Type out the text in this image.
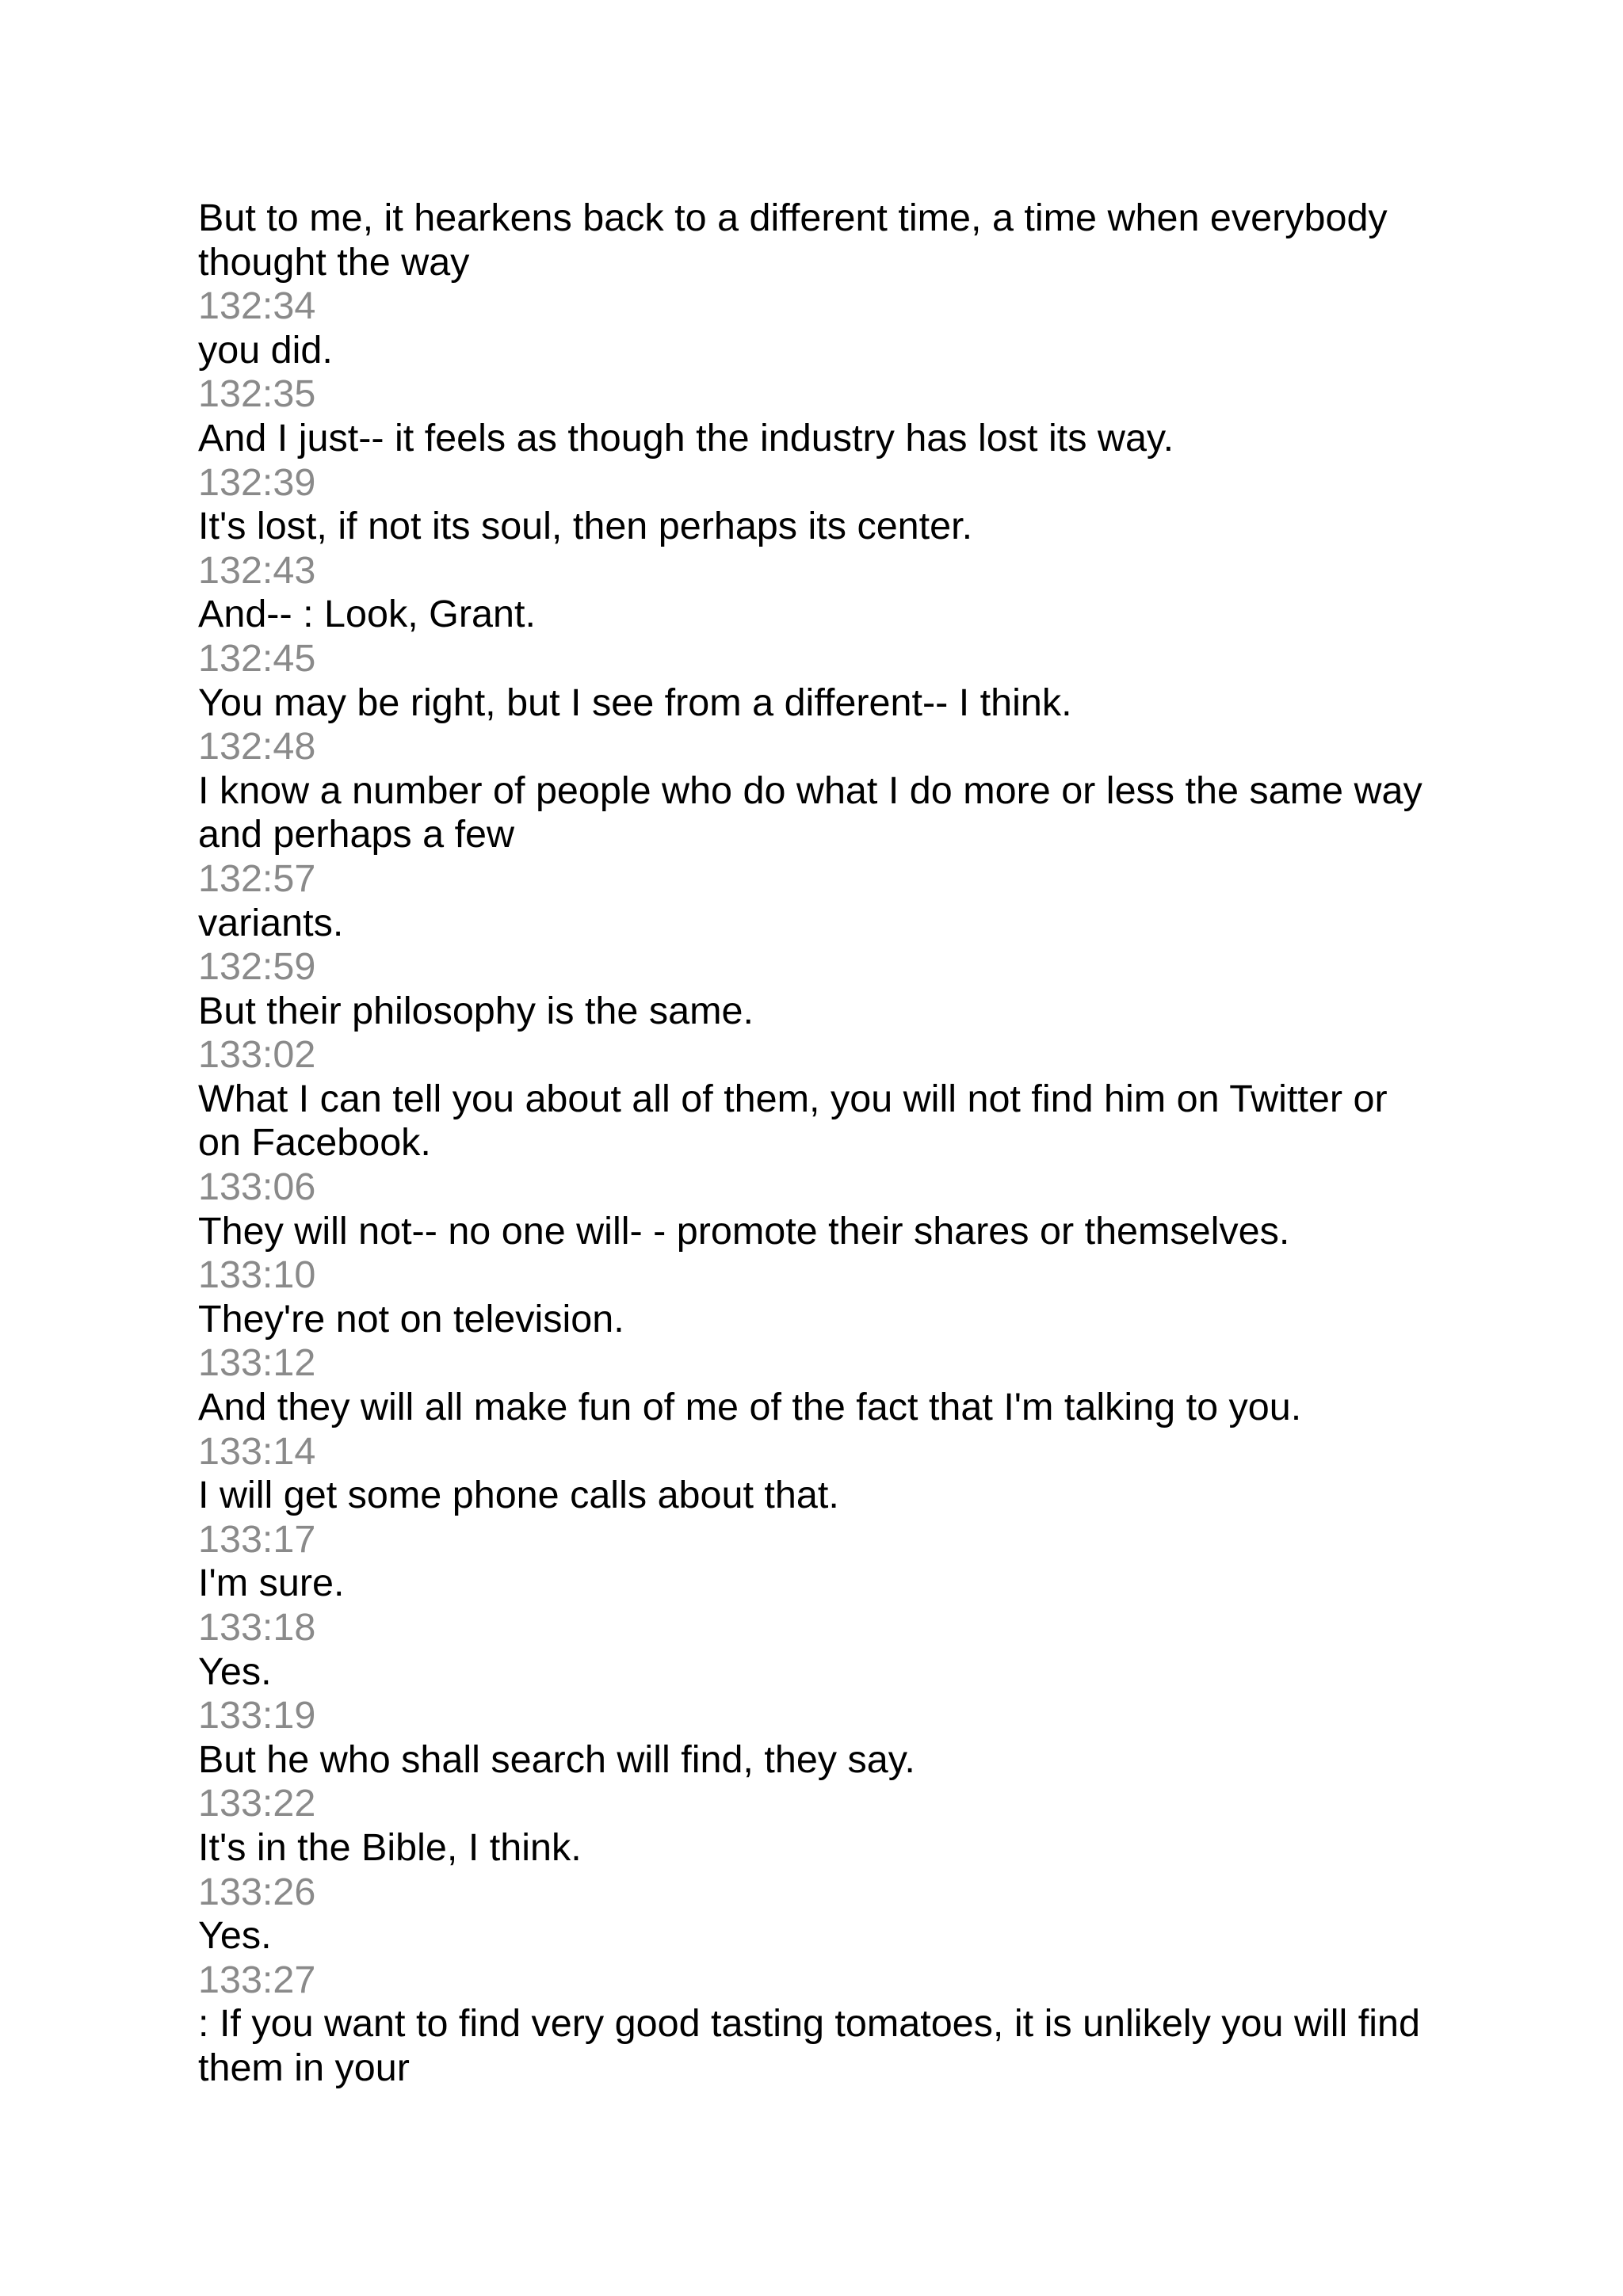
But to me, it hearkens back to a different time, a time when everybody thought the way
132:34
you did.
132:35
And I just-- it feels as though the industry has lost its way.
132:39
It's lost, if not its soul, then perhaps its center.
132:43
And-- : Look, Grant.
132:45
You may be right, but I see from a different-- I think.
132:48
I know a number of people who do what I do more or less the same way and perhaps a few
132:57
variants.
132:59
But their philosophy is the same.
133:02
What I can tell you about all of them, you will not find him on Twitter or on Facebook.
133:06
They will not-- no one will- - promote their shares or themselves.
133:10
They're not on television.
133:12
And they will all make fun of me of the fact that I'm talking to you.
133:14
I will get some phone calls about that.
133:17
I'm sure.
133:18
Yes.
133:19
But he who shall search will find, they say.
133:22
It's in the Bible, I think.
133:26
Yes.
133:27
: If you want to find very good tasting tomatoes, it is unlikely you will find them in your
